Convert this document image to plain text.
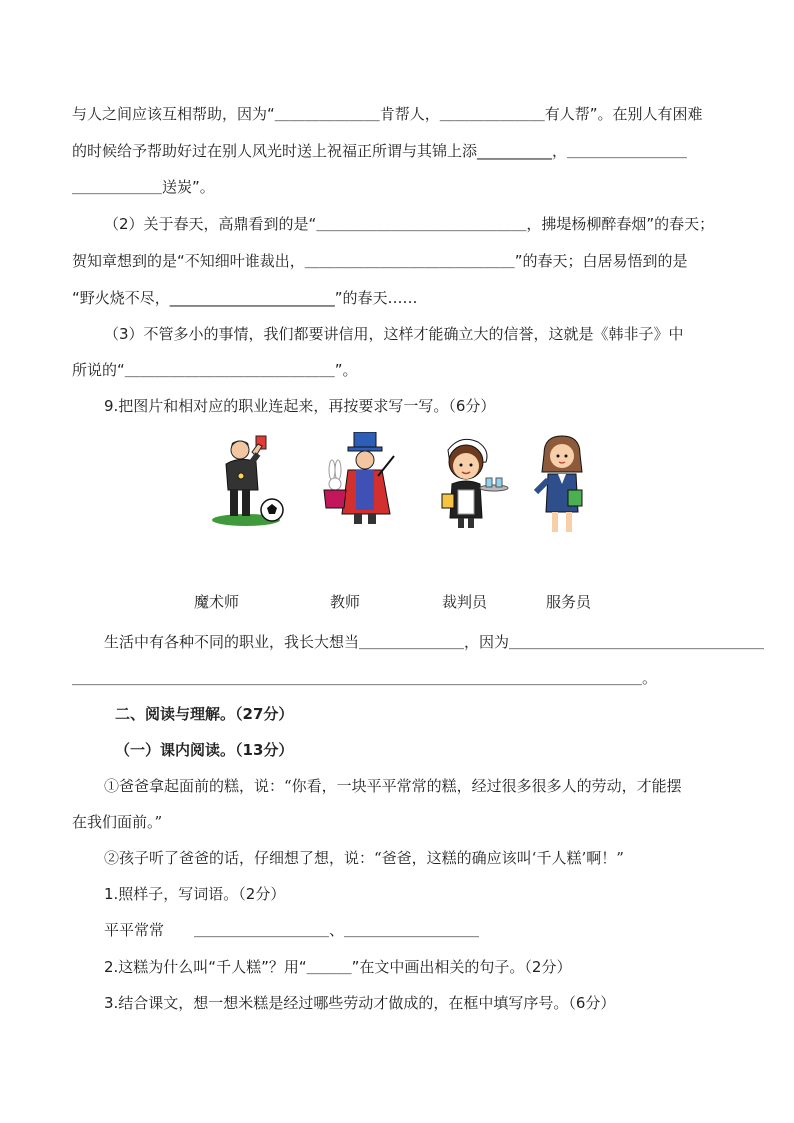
与人之间应该互相帮助，因为“＿＿＿＿＿＿＿肯帮人，＿＿＿＿＿＿＿有人帮”。在别人有困难
的时候给予帮助好过在别人风光时送上祝福正所谓与其锦上添__________，＿＿＿＿＿＿＿＿
＿＿＿＿＿＿送炭”。
（2）关于春天，高鼎看到的是“＿＿＿＿＿＿＿＿＿＿＿＿＿＿，拂堤杨柳醉春烟”的春天；
贺知章想到的是“不知细叶谁裁出，＿＿＿＿＿＿＿＿＿＿＿＿＿＿”的春天；白居易悟到的是
“野火烧不尽，______________________”的春天……
（3）不管多小的事情，我们都要讲信用，这样才能确立大的信誉，这就是《韩非子》中
所说的“＿＿＿＿＿＿＿＿＿＿＿＿＿＿”。
9.把图片和相对应的职业连起来，再按要求写一写。（6分）
魔术师	教师	裁判员	服务员
生活中有各种不同的职业，我长大想当＿＿＿＿＿＿＿，因为＿＿＿＿＿＿＿＿＿＿＿＿＿＿＿＿＿
＿＿＿＿＿＿＿＿＿＿＿＿＿＿＿＿＿＿＿＿＿＿＿＿＿＿＿＿＿＿＿＿＿＿＿＿＿＿。
二、阅读与理解。（27分）
（一）课内阅读。（13分）
①爸爸拿起面前的糕，说：“你看，一块平平常常的糕，经过很多很多人的劳动，才能摆
在我们面前。”
②孩子听了爸爸的话，仔细想了想，说：“爸爸，这糕的确应该叫‘千人糕’啊！”
1.照样子，写词语。（2分）
平平常常　　＿＿＿＿＿＿＿＿＿、＿＿＿＿＿＿＿＿＿
2.这糕为什么叫“千人糕”？用“＿＿＿”在文中画出相关的句子。（2分）
3.结合课文，想一想米糕是经过哪些劳动才做成的，在框中填写序号。（6分）
